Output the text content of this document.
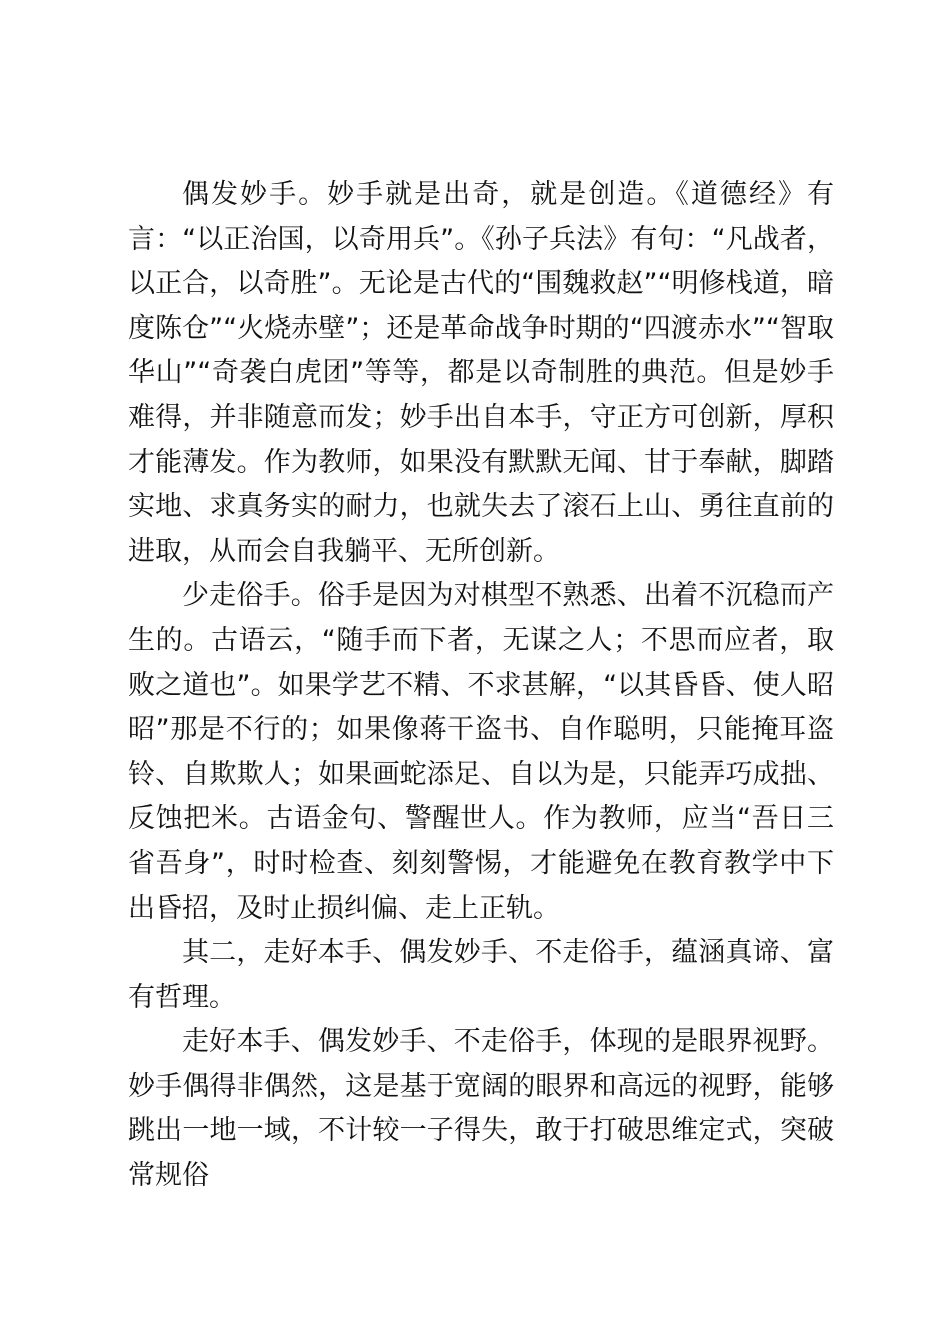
偶发妙手。妙手就是出奇，就是创造。《道德经》有言：“以正治国，以奇用兵”。《孙子兵法》有句：“凡战者，以正合，以奇胜”。无论是古代的“围魏救赵”“明修栈道，暗度陈仓”“火烧赤壁”；还是革命战争时期的“四渡赤水”“智取华山”“奇袭白虎团”等等，都是以奇制胜的典范。但是妙手难得，并非随意而发；妙手出自本手，守正方可创新，厚积才能薄发。作为教师，如果没有默默无闻、甘于奉献，脚踏实地、求真务实的耐力，也就失去了滚石上山、勇往直前的进取，从而会自我躺平、无所创新。

少走俗手。俗手是因为对棋型不熟悉、出着不沉稳而产生的。古语云，“随手而下者，无谋之人；不思而应者，取败之道也”。如果学艺不精、不求甚解，“以其昏昏、使人昭昭”那是不行的；如果像蒋干盗书、自作聪明，只能掩耳盗铃、自欺欺人；如果画蛇添足、自以为是，只能弄巧成拙、反蚀把米。古语金句、警醒世人。作为教师，应当“吾日三省吾身”，时时检查、刻刻警惕，才能避免在教育教学中下出昏招，及时止损纠偏、走上正轨。

其二，走好本手、偶发妙手、不走俗手，蕴涵真谛、富有哲理。

走好本手、偶发妙手、不走俗手，体现的是眼界视野。妙手偶得非偶然，这是基于宽阔的眼界和高远的视野，能够跳出一地一域，不计较一子得失，敢于打破思维定式，突破常规俗
